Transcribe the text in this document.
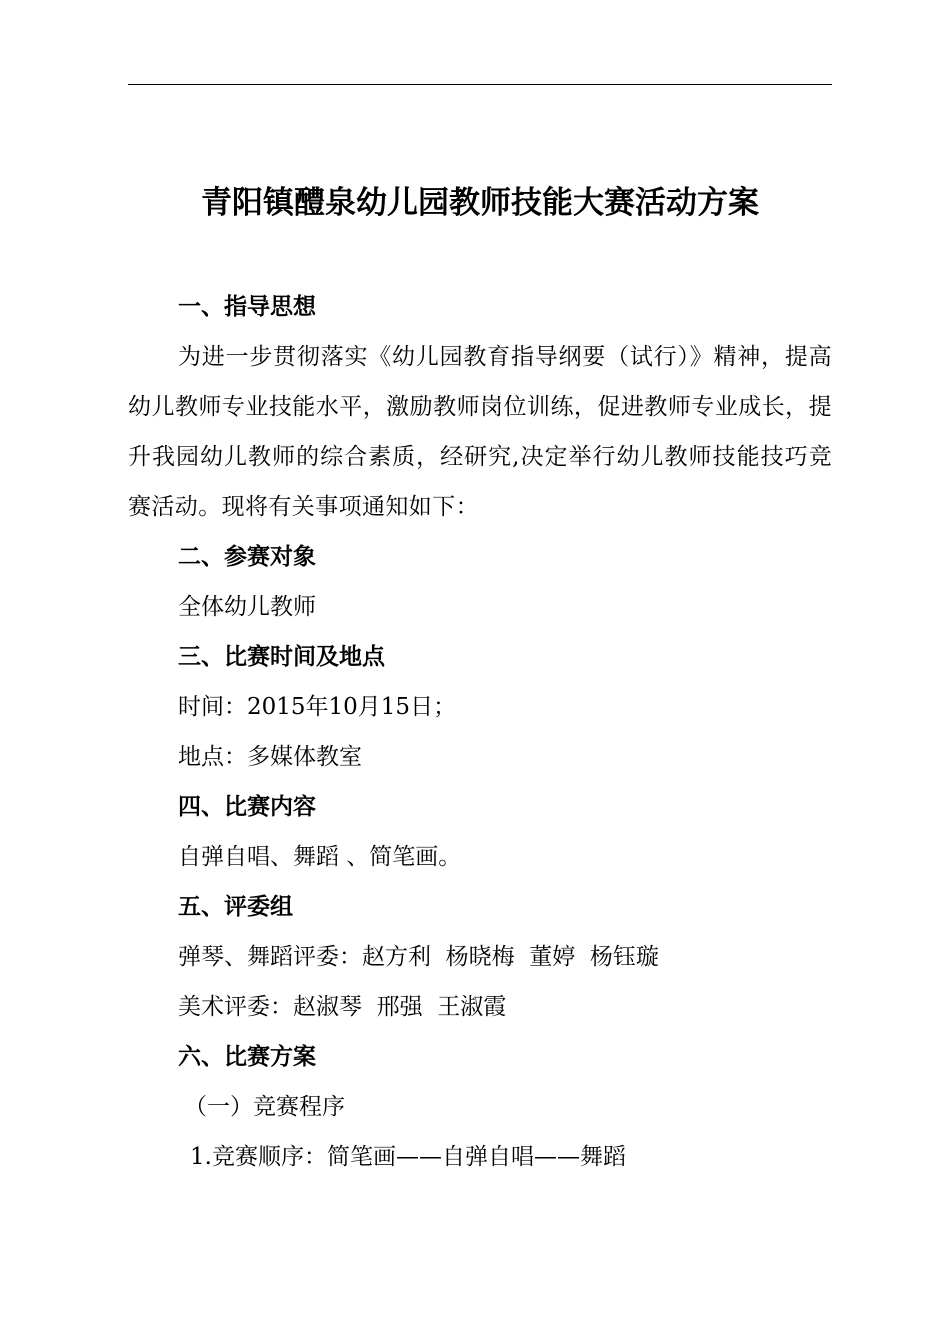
青阳镇醴泉幼儿园教师技能大赛活动方案
一、指导思想
为进一步贯彻落实《幼儿园教育指导纲要（试行）》精神，提高幼儿教师专业技能水平，激励教师岗位训练，促进教师专业成长，提升我园幼儿教师的综合素质，经研究,决定举行幼儿教师技能技巧竞赛活动。现将有关事项通知如下：
二、参赛对象
全体幼儿教师
三、比赛时间及地点
时间：2015年10月15日；
地点：多媒体教室
四、比赛内容
自弹自唱、舞蹈 、简笔画。
五、评委组
弹琴、舞蹈评委：赵方利  杨晓梅  董婷  杨钰璇
美术评委：赵淑琴  邢强  王淑霞
六、比赛方案
（一）竞赛程序
1.竞赛顺序：简笔画——自弹自唱——舞蹈
